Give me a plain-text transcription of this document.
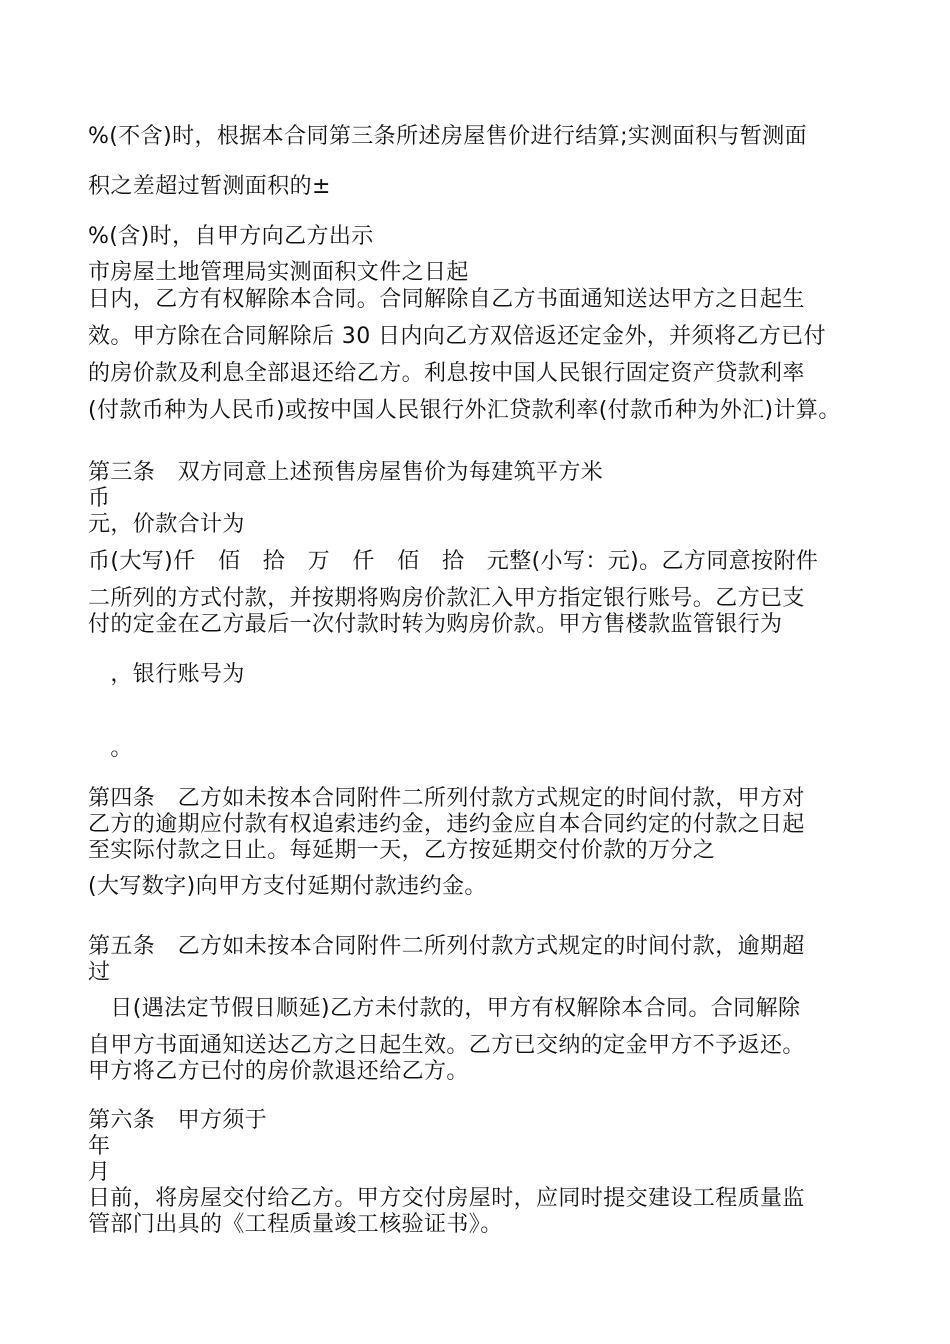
%(不含)时，根据本合同第三条所述房屋售价进行结算;实测面积与暂测面
积之差超过暂测面积的±
%(含)时，自甲方向乙方出示
市房屋土地管理局实测面积文件之日起
日内，乙方有权解除本合同。合同解除自乙方书面通知送达甲方之日起生
效。甲方除在合同解除后 30 日内向乙方双倍返还定金外，并须将乙方已付
的房价款及利息全部退还给乙方。利息按中国人民银行固定资产贷款利率
(付款币种为人民币)或按中国人民银行外汇贷款利率(付款币种为外汇)计算。
第三条　双方同意上述预售房屋售价为每建筑平方米
币
元，价款合计为
币(大写)仟　佰　拾　万　仟　佰　拾　元整(小写：元)。乙方同意按附件
二所列的方式付款，并按期将购房价款汇入甲方指定银行账号。乙方已支
付的定金在乙方最后一次付款时转为购房价款。甲方售楼款监管银行为
　，银行账号为
　。
第四条　乙方如未按本合同附件二所列付款方式规定的时间付款，甲方对
乙方的逾期应付款有权追索违约金，违约金应自本合同约定的付款之日起
至实际付款之日止。每延期一天，乙方按延期交付价款的万分之
(大写数字)向甲方支付延期付款违约金。
第五条　乙方如未按本合同附件二所列付款方式规定的时间付款，逾期超
过
　日(遇法定节假日顺延)乙方未付款的，甲方有权解除本合同。合同解除
自甲方书面通知送达乙方之日起生效。乙方已交纳的定金甲方不予返还。
甲方将乙方已付的房价款退还给乙方。
第六条　甲方须于
年
月
日前，将房屋交付给乙方。甲方交付房屋时，应同时提交建设工程质量监
管部门出具的《工程质量竣工核验证书》。
